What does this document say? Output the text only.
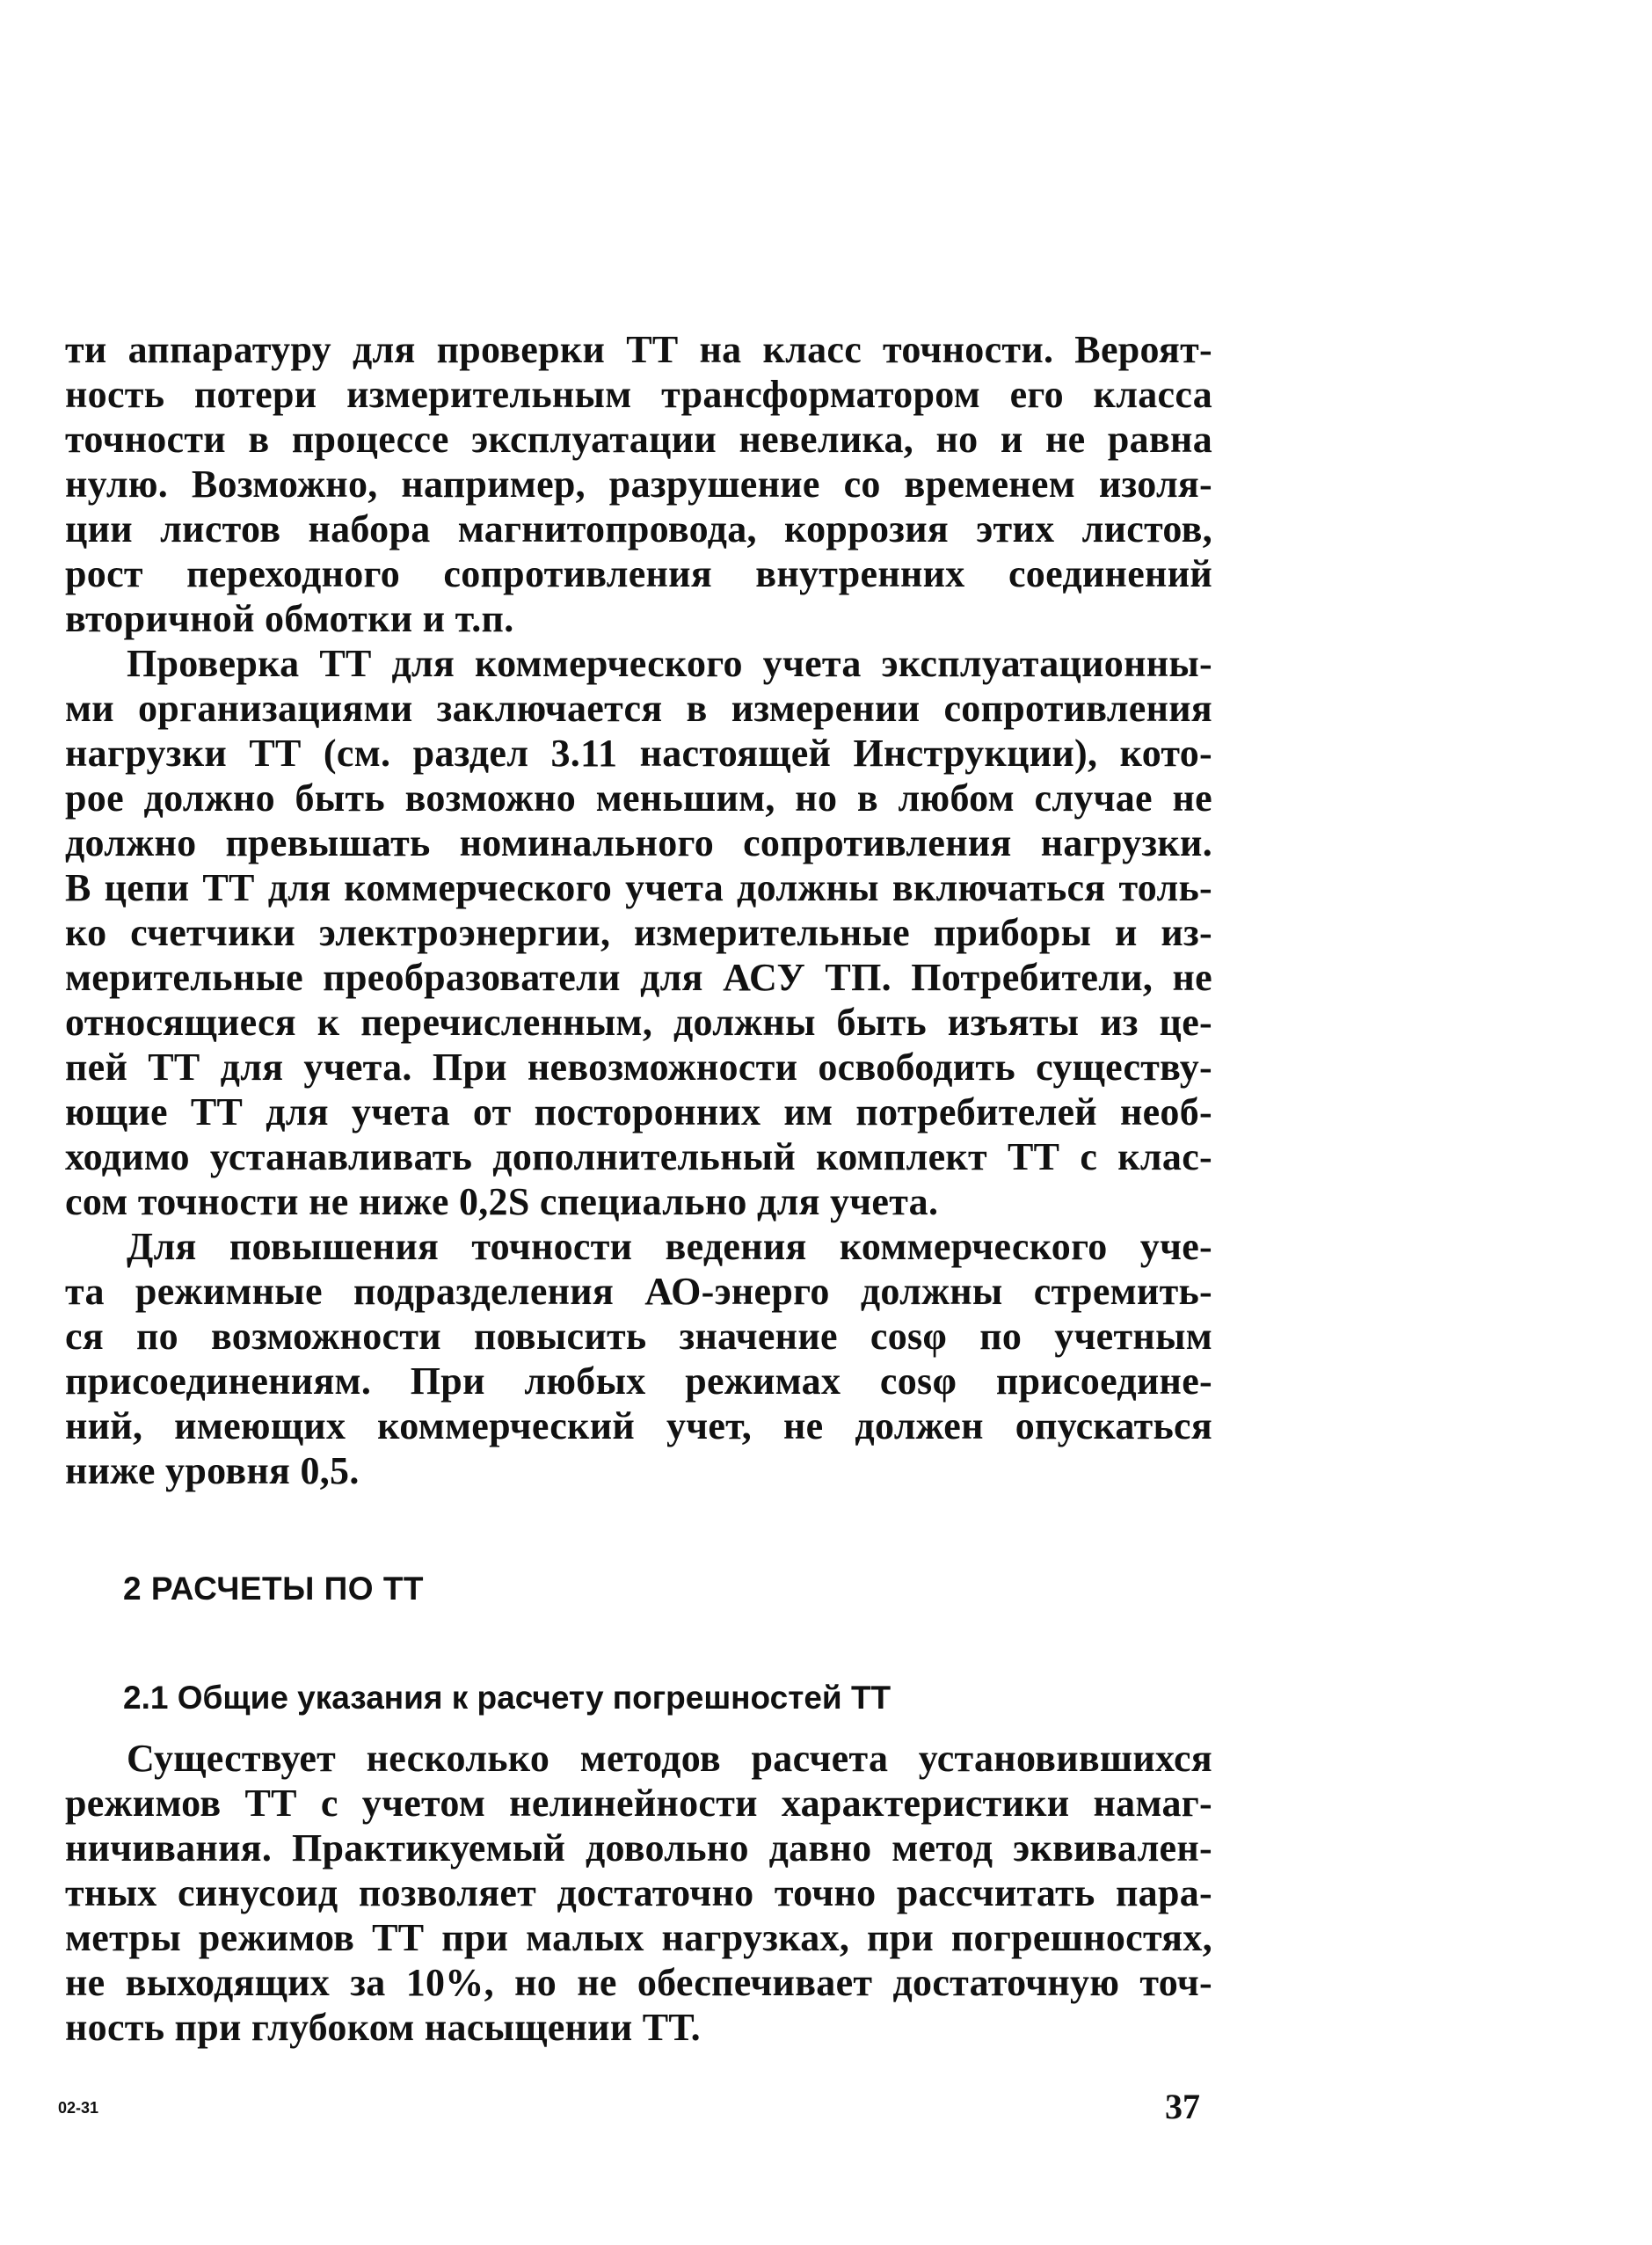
ти аппаратуру для проверки ТТ на класс точности. Вероят-
ность потери измерительным трансформатором его класса
точности в процессе эксплуатации невелика, но и не равна
нулю. Возможно, например, разрушение со временем изоля-
ции листов набора магнитопровода, коррозия этих листов,
рост переходного сопротивления внутренних соединений
вторичной обмотки и т.п.
Проверка ТТ для коммерческого учета эксплуатационны-
ми организациями заключается в измерении сопротивления
нагрузки ТТ (см. раздел 3.11 настоящей Инструкции), кото-
рое должно быть возможно меньшим, но в любом случае не
должно превышать номинального сопротивления нагрузки.
В цепи ТТ для коммерческого учета должны включаться толь-
ко счетчики электроэнергии, измерительные приборы и из-
мерительные преобразователи для АСУ ТП. Потребители, не
относящиеся к перечисленным, должны быть изъяты из це-
пей ТТ для учета. При невозможности освободить существу-
ющие ТТ для учета от посторонних им потребителей необ-
ходимо устанавливать дополнительный комплект ТТ с клас-
сом точности не ниже 0,2S специально для учета.
Для повышения точности ведения коммерческого уче-
та режимные подразделения АО-энерго должны стремить-
ся по возможности повысить значение cosφ по учетным
присоединениям. При любых режимах cosφ присоедине-
ний, имеющих коммерческий учет, не должен опускаться
ниже уровня 0,5.
2 РАСЧЕТЫ ПО ТТ
2.1 Общие указания к расчету погрешностей ТТ
Существует несколько методов расчета установившихся
режимов ТТ с учетом нелинейности характеристики намаг-
ничивания. Практикуемый довольно давно метод эквивален-
тных синусоид позволяет достаточно точно рассчитать пара-
метры режимов ТТ при малых нагрузках, при погрешностях,
не выходящих за 10%, но не обеспечивает достаточную точ-
ность при глубоком насыщении ТТ.
02-31	37
